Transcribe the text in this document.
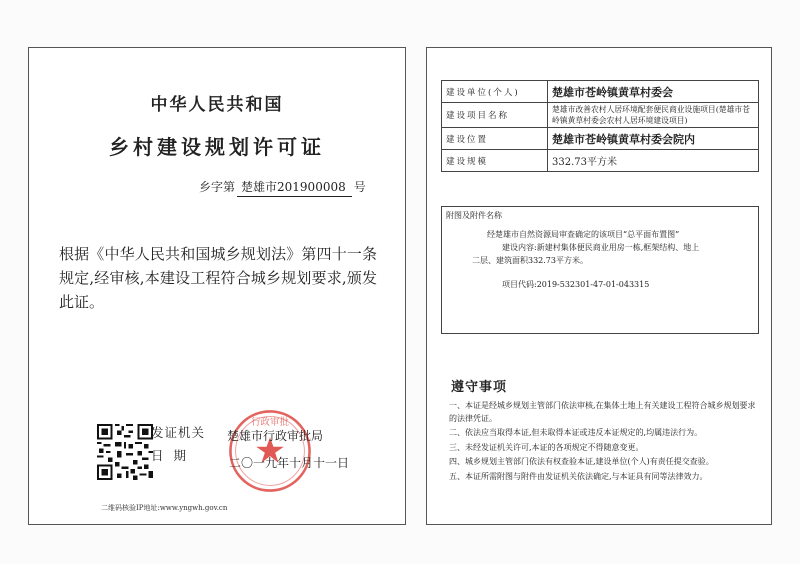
中华人民共和国
乡村建设规划许可证
乡字第 楚雄市201900008 号
根据《中华人民共和国城乡规划法》第四十一条规定,经审核,本建设工程符合城乡规划要求,颁发此证。
行政审批
发证机关 楚雄市行政审批局
日期	二〇一九年十月十一日
二维码核验IP地址:www.yngwh.gov.cn
建设单位(个人)	楚雄市苍岭镇黄草村委会
建设项目名称	楚雄市改善农村人居环境配套便民商业设施项目(楚雄市苍岭镇黄草村委会农村人居环境建设项目)
建设位置	楚雄市苍岭镇黄草村委会院内
建设规模	332.73平方米
附图及附件名称
经楚雄市自然资源局审查确定的该项目“总平面布置图”
建设内容:新建村集体便民商业用房一栋,框架结构、地上
二层、建筑面积332.73平方米。
项目代码:2019-532301-47-01-043315
遵守事项
一、本证是经城乡规划主管部门依法审核,在集体土地上有关建设工程符合城乡规划要求的法律凭证。
二、依法应当取得本证,但未取得本证或违反本证规定的,均属违法行为。
三、未经发证机关许可,本证的各项规定不得随意变更。
四、城乡规划主管部门依法有权查验本证,建设单位(个人)有责任提交查验。
五、本证所需附图与附件由发证机关依法确定,与本证具有同等法律效力。
